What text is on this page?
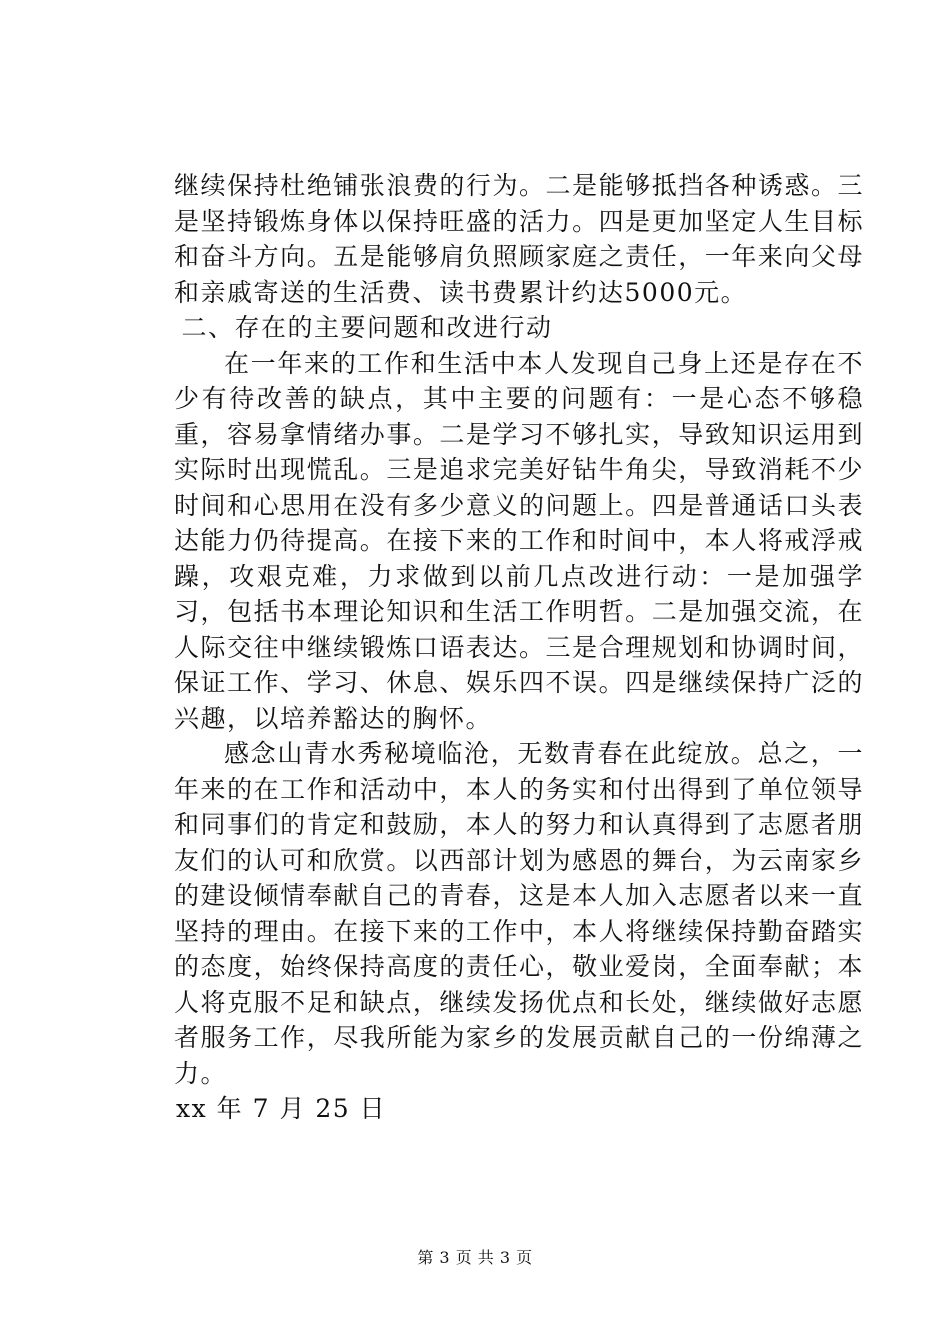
继续保持杜绝铺张浪费的行为。二是能够抵挡各种诱惑。三是坚持锻炼身体以保持旺盛的活力。四是更加坚定人生目标和奋斗方向。五是能够肩负照顾家庭之责任，一年来向父母和亲戚寄送的生活费、读书费累计约达5000元。

二、存在的主要问题和改进行动

在一年来的工作和生活中本人发现自己身上还是存在不少有待改善的缺点，其中主要的问题有：一是心态不够稳重，容易拿情绪办事。二是学习不够扎实，导致知识运用到实际时出现慌乱。三是追求完美好钻牛角尖，导致消耗不少时间和心思用在没有多少意义的问题上。四是普通话口头表达能力仍待提高。在接下来的工作和时间中，本人将戒浮戒躁，攻艰克难，力求做到以前几点改进行动：一是加强学习，包括书本理论知识和生活工作明哲。二是加强交流，在人际交往中继续锻炼口语表达。三是合理规划和协调时间，保证工作、学习、休息、娱乐四不误。四是继续保持广泛的兴趣，以培养豁达的胸怀。

感念山青水秀秘境临沧，无数青春在此绽放。总之，一年来的在工作和活动中，本人的务实和付出得到了单位领导和同事们的肯定和鼓励，本人的努力和认真得到了志愿者朋友们的认可和欣赏。以西部计划为感恩的舞台，为云南家乡的建设倾情奉献自己的青春，这是本人加入志愿者以来一直坚持的理由。在接下来的工作中，本人将继续保持勤奋踏实的态度，始终保持高度的责任心，敬业爱岗，全面奉献；本人将克服不足和缺点，继续发扬优点和长处，继续做好志愿者服务工作，尽我所能为家乡的发展贡献自己的一份绵薄之力。

xx 年 7 月 25 日

第 3 页 共 3 页
